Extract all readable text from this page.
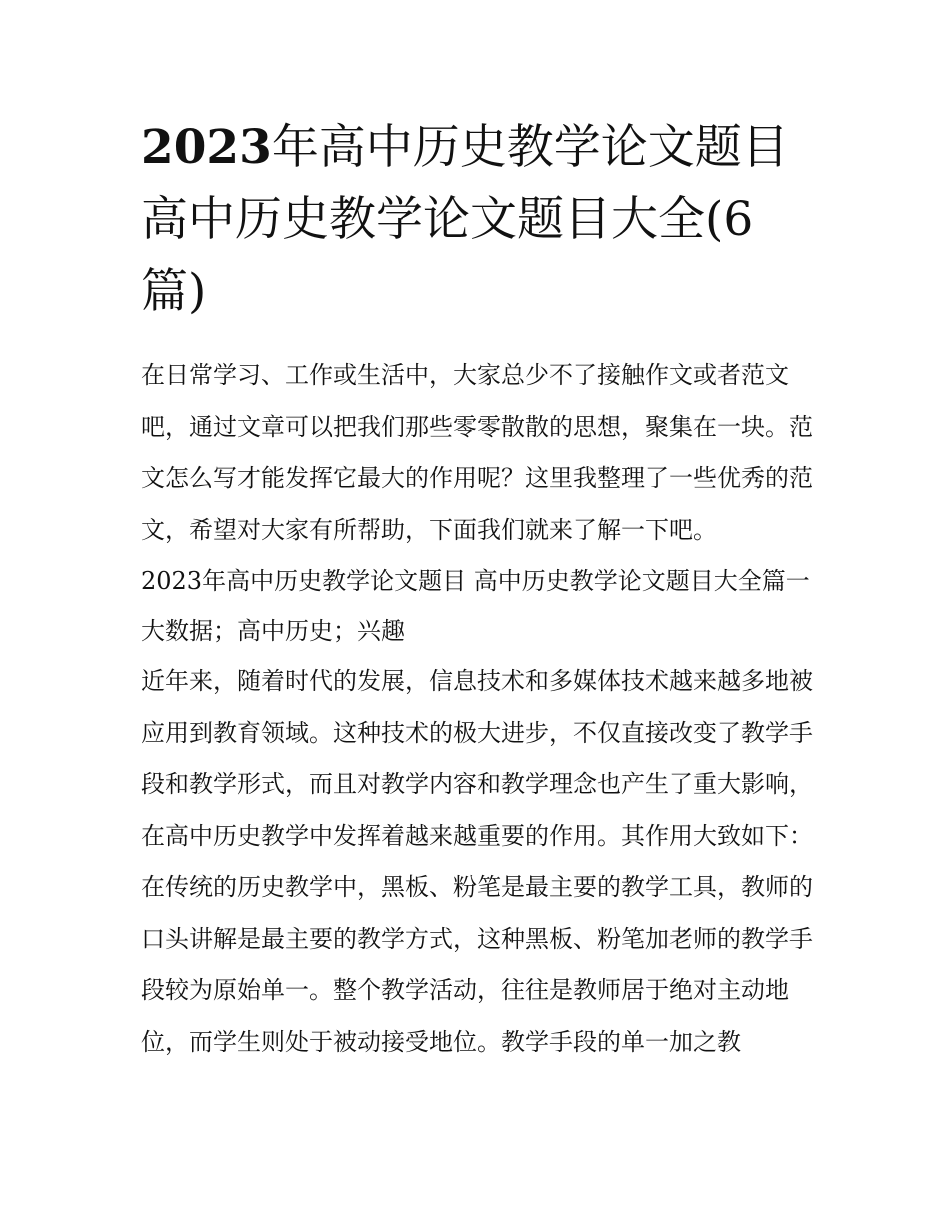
2023年高中历史教学论文题目
高中历史教学论文题目大全(6
篇)

在日常学习、工作或生活中，大家总少不了接触作文或者范文吧，通过文章可以把我们那些零零散散的思想，聚集在一块。范文怎么写才能发挥它最大的作用呢？这里我整理了一些优秀的范文，希望对大家有所帮助，下面我们就来了解一下吧。

2023年高中历史教学论文题目 高中历史教学论文题目大全篇一 大数据；高中历史；兴趣

近年来，随着时代的发展，信息技术和多媒体技术越来越多地被应用到教育领域。这种技术的极大进步，不仅直接改变了教学手段和教学形式，而且对教学内容和教学理念也产生了重大影响，在高中历史教学中发挥着越来越重要的作用。其作用大致如下：

在传统的历史教学中，黑板、粉笔是最主要的教学工具，教师的口头讲解是最主要的教学方式，这种黑板、粉笔加老师的教学手段较为原始单一。整个教学活动，往往是教师居于绝对主动地位，而学生则处于被动接受地位。教学手段的单一加之教
